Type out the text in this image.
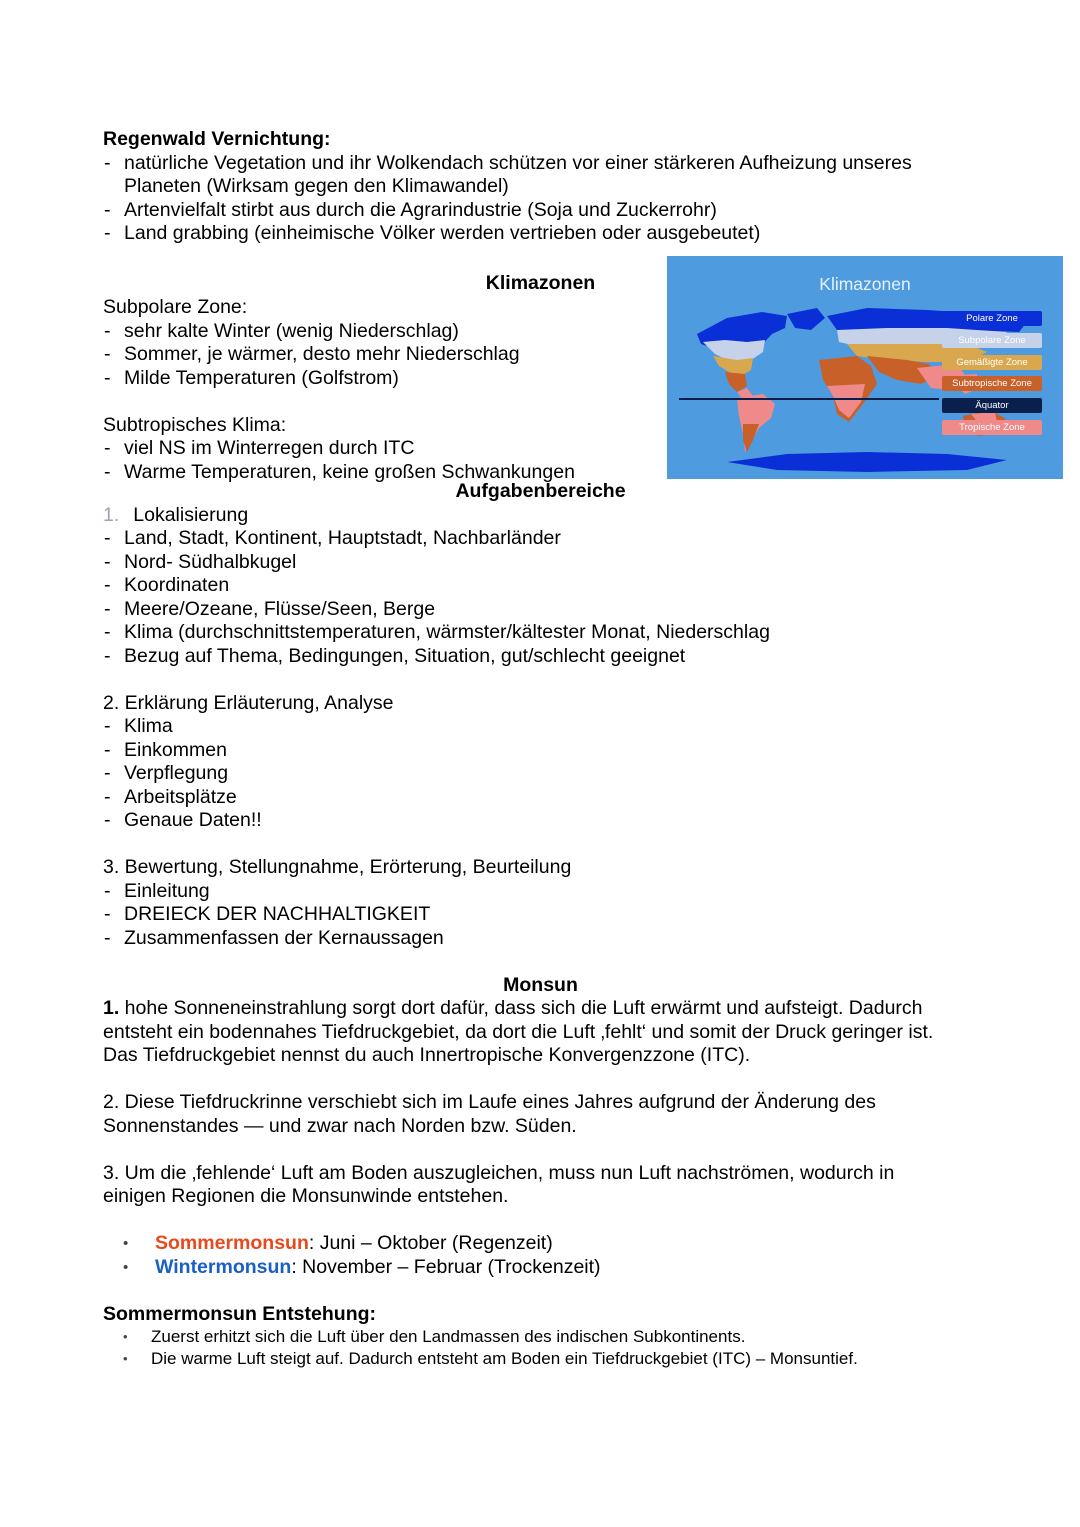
Regenwald Vernichtung:
- natürliche Vegetation und ihr Wolkendach schützen vor einer stärkeren Aufheizung unseres
Planeten (Wirksam gegen den Klimawandel)
- Artenvielfalt stirbt aus durch die Agrarindustrie (Soja und Zuckerrohr)
- Land grabbing (einheimische Völker werden vertrieben oder ausgebeutet)
Klimazonen
Subpolare Zone:
- sehr kalte Winter (wenig Niederschlag)
- Sommer, je wärmer, desto mehr Niederschlag
- Milde Temperaturen (Golfstrom)
Subtropisches Klima:
- viel NS im Winterregen durch ITC
- Warme Temperaturen, keine großen Schwankungen
Aufgabenbereiche
1. Lokalisierung
- Land, Stadt, Kontinent, Hauptstadt, Nachbarländer
- Nord- Südhalbkugel
- Koordinaten
- Meere/Ozeane, Flüsse/Seen, Berge
- Klima (durchschnittstemperaturen, wärmster/kältester Monat, Niederschlag
- Bezug auf Thema, Bedingungen, Situation, gut/schlecht geeignet
2. Erklärung Erläuterung, Analyse
- Klima
- Einkommen
- Verpflegung
- Arbeitsplätze
- Genaue Daten!!
3. Bewertung, Stellungnahme, Erörterung, Beurteilung
- Einleitung
- DREIECK DER NACHHALTIGKEIT
- Zusammenfassen der Kernaussagen
Monsun
1. hohe Sonneneinstrahlung sorgt dort dafür, dass sich die Luft erwärmt und aufsteigt. Dadurch
entsteht ein bodennahes Tiefdruckgebiet, da dort die Luft ‚fehlt‘ und somit der Druck geringer ist.
Das Tiefdruckgebiet nennst du auch Innertropische Konvergenzzone (ITC).
2. Diese Tiefdruckrinne verschiebt sich im Laufe eines Jahres aufgrund der Änderung des
Sonnenstandes — und zwar nach Norden bzw. Süden.
3. Um die ‚fehlende‘ Luft am Boden auszugleichen, muss nun Luft nachströmen, wodurch in
einigen Regionen die Monsunwinde entstehen.
• Sommermonsun: Juni – Oktober (Regenzeit)
• Wintermonsun: November – Februar (Trockenzeit)
Sommermonsun Entstehung:
• Zuerst erhitzt sich die Luft über den Landmassen des indischen Subkontinents.
• Die warme Luft steigt auf. Dadurch entsteht am Boden ein Tiefdruckgebiet (ITC) – Monsuntief.
Klimazonen
Polare Zone
Subpolare Zone
Gemäßigte Zone
Subtropische Zone
Äquator
Tropische Zone
